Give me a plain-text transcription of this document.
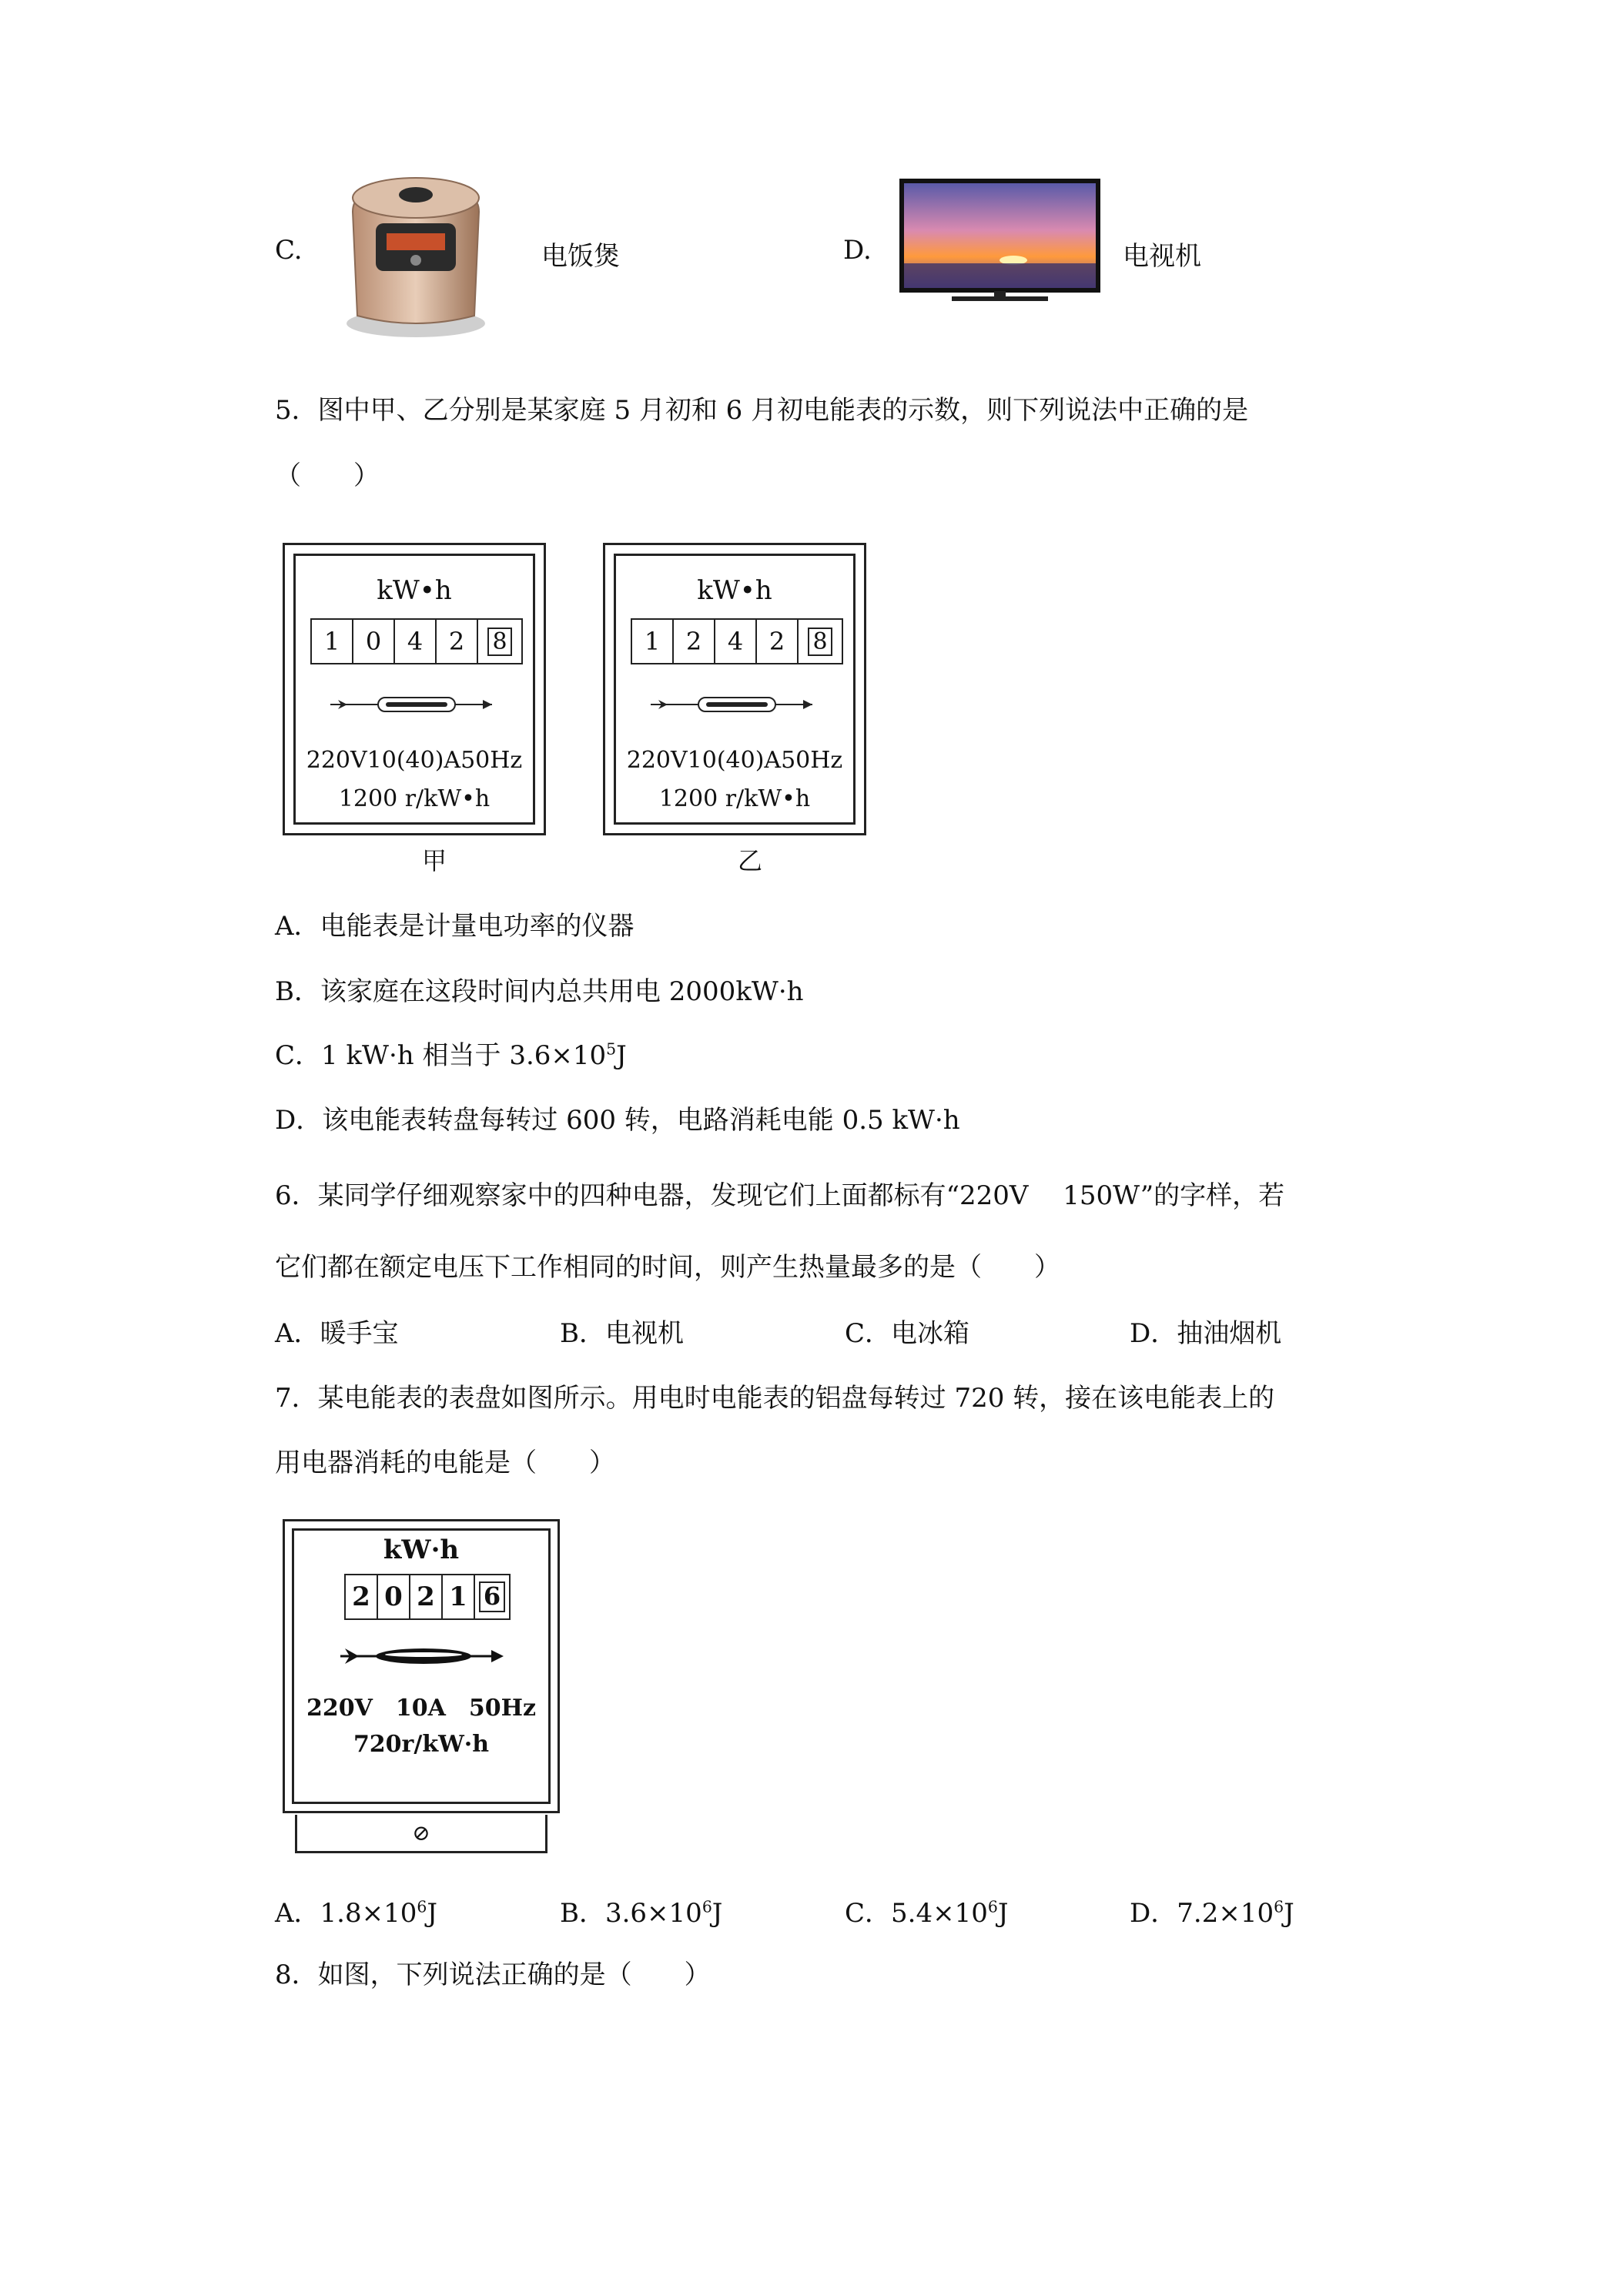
C.	电饭煲	D.	电视机
5．图中甲、乙分别是某家庭 5 月初和 6 月初电能表的示数，则下列说法中正确的是
（　　）
kW•h
1	0	4	2	8
220V10(40)A50Hz
1200 r/kW•h
甲
kW•h
1	2	4	2	8
220V10(40)A50Hz
1200 r/kW•h
乙
A．电能表是计量电功率的仪器
B．该家庭在这段时间内总共用电 2000kW·h
C．1 kW·h 相当于 $3.6\times 10^5J$
D．该电能表转盘每转过 600 转，电路消耗电能 0.5 kW·h
6．某同学仔细观察家中的四种电器，发现它们上面都标有“220V　 150W”的字样，若
它们都在额定电压下工作相同的时间，则产生热量最多的是（　　）
A．暖手宝	B．电视机	C．电冰箱	D．抽油烟机
7．某电能表的表盘如图所示。用电时电能表的铝盘每转过 720 转，接在该电能表上的
用电器消耗的电能是（　　）
kW·h
2 0 2 1 6
220V　10A　50Hz
720r/kW·h
⊘
A．$1.8\times 10^6J$	B．$3.6\times 10^6J$	C．$5.4\times 10^6J$	D．$7.2\times 10^6J$
8．如图，下列说法正确的是（　　）
